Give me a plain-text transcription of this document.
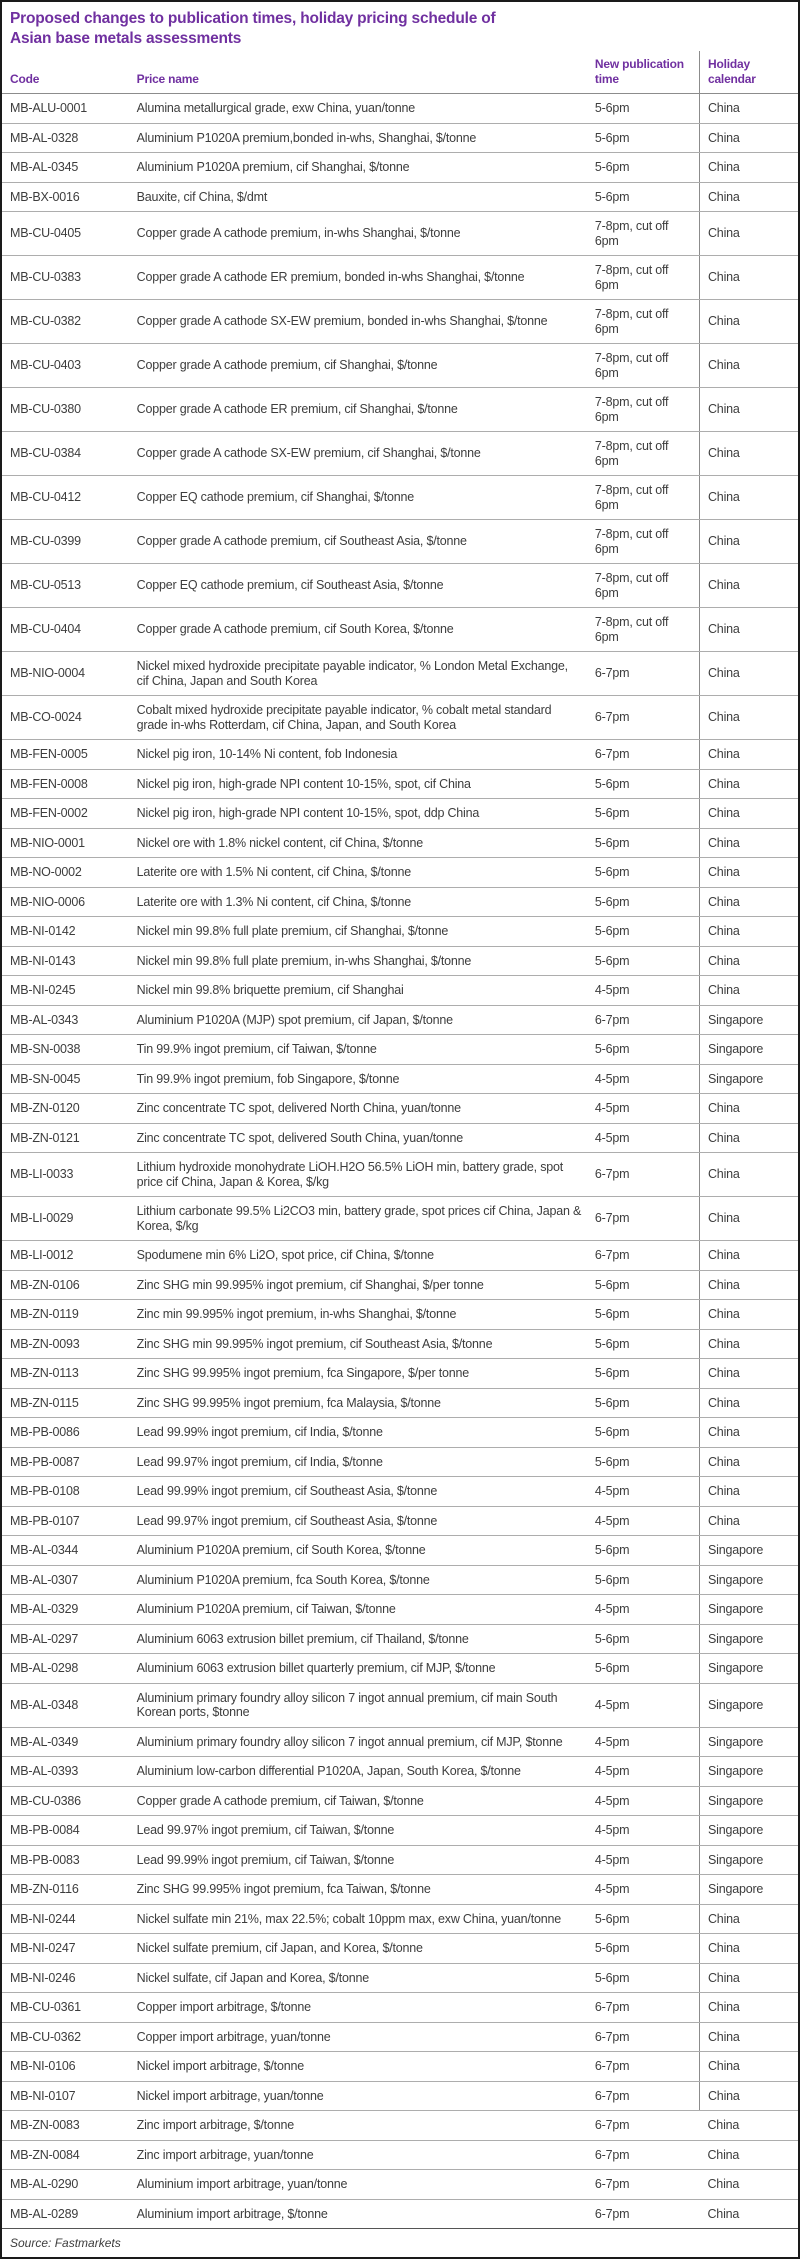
Proposed changes to publication times, holiday pricing schedule of
Asian base metals assessments
Code	Price name	New publication time	Holiday calendar
MB-ALU-0001	Alumina metallurgical grade, exw China, yuan/tonne	5-6pm	China
MB-AL-0328	Aluminium P1020A premium,bonded in-whs, Shanghai, $/tonne	5-6pm	China
MB-AL-0345	Aluminium P1020A premium, cif Shanghai, $/tonne	5-6pm	China
MB-BX-0016	Bauxite, cif China, $/dmt	5-6pm	China
MB-CU-0405	Copper grade A cathode premium, in-whs Shanghai, $/tonne	7-8pm, cut off 6pm	China
MB-CU-0383	Copper grade A cathode ER premium, bonded in-whs Shanghai, $/tonne	7-8pm, cut off 6pm	China
MB-CU-0382	Copper grade A cathode SX-EW premium, bonded in-whs Shanghai, $/tonne	7-8pm, cut off 6pm	China
MB-CU-0403	Copper grade A cathode premium, cif Shanghai, $/tonne	7-8pm, cut off 6pm	China
MB-CU-0380	Copper grade A cathode ER premium, cif Shanghai, $/tonne	7-8pm, cut off 6pm	China
MB-CU-0384	Copper grade A cathode SX-EW premium, cif Shanghai, $/tonne	7-8pm, cut off 6pm	China
MB-CU-0412	Copper EQ cathode premium, cif Shanghai, $/tonne	7-8pm, cut off 6pm	China
MB-CU-0399	Copper grade A cathode premium, cif Southeast Asia, $/tonne	7-8pm, cut off 6pm	China
MB-CU-0513	Copper EQ cathode premium, cif Southeast Asia, $/tonne	7-8pm, cut off 6pm	China
MB-CU-0404	Copper grade A cathode premium, cif South Korea, $/tonne	7-8pm, cut off 6pm	China
MB-NIO-0004	Nickel mixed hydroxide precipitate payable indicator, % London Metal Exchange, cif China, Japan and South Korea	6-7pm	China
MB-CO-0024	Cobalt mixed hydroxide precipitate payable indicator, % cobalt metal standard grade in-whs Rotterdam, cif China, Japan, and South Korea	6-7pm	China
MB-FEN-0005	Nickel pig iron, 10-14% Ni content, fob Indonesia	6-7pm	China
MB-FEN-0008	Nickel pig iron, high-grade NPI content 10-15%, spot, cif China	5-6pm	China
MB-FEN-0002	Nickel pig iron, high-grade NPI content 10-15%, spot, ddp China	5-6pm	China
MB-NIO-0001	Nickel ore with 1.8% nickel content, cif China, $/tonne	5-6pm	China
MB-NO-0002	Laterite ore with 1.5% Ni content, cif China, $/tonne	5-6pm	China
MB-NIO-0006	Laterite ore with 1.3% Ni content, cif China, $/tonne	5-6pm	China
MB-NI-0142	Nickel min 99.8% full plate premium, cif Shanghai, $/tonne	5-6pm	China
MB-NI-0143	Nickel min 99.8% full plate premium, in-whs Shanghai, $/tonne	5-6pm	China
MB-NI-0245	Nickel min 99.8% briquette premium, cif Shanghai	4-5pm	China
MB-AL-0343	Aluminium P1020A (MJP) spot premium, cif Japan, $/tonne	6-7pm	Singapore
MB-SN-0038	Tin 99.9% ingot premium, cif Taiwan, $/tonne	5-6pm	Singapore
MB-SN-0045	Tin 99.9% ingot premium, fob Singapore, $/tonne	4-5pm	Singapore
MB-ZN-0120	Zinc concentrate TC spot, delivered North China, yuan/tonne	4-5pm	China
MB-ZN-0121	Zinc concentrate TC spot, delivered South China, yuan/tonne	4-5pm	China
MB-LI-0033	Lithium hydroxide monohydrate LiOH.H2O 56.5% LiOH min, battery grade, spot price cif China, Japan & Korea, $/kg	6-7pm	China
MB-LI-0029	Lithium carbonate 99.5% Li2CO3 min, battery grade, spot prices cif China, Japan & Korea, $/kg	6-7pm	China
MB-LI-0012	Spodumene min 6% Li2O, spot price, cif China, $/tonne	6-7pm	China
MB-ZN-0106	Zinc SHG min 99.995% ingot premium, cif Shanghai, $/per tonne	5-6pm	China
MB-ZN-0119	Zinc min 99.995% ingot premium, in-whs Shanghai, $/tonne	5-6pm	China
MB-ZN-0093	Zinc SHG min 99.995% ingot premium, cif Southeast Asia, $/tonne	5-6pm	China
MB-ZN-0113	Zinc SHG 99.995% ingot premium, fca Singapore, $/per tonne	5-6pm	China
MB-ZN-0115	Zinc SHG 99.995% ingot premium, fca Malaysia, $/tonne	5-6pm	China
MB-PB-0086	Lead 99.99% ingot premium, cif India, $/tonne	5-6pm	China
MB-PB-0087	Lead 99.97% ingot premium, cif India, $/tonne	5-6pm	China
MB-PB-0108	Lead 99.99% ingot premium, cif Southeast Asia, $/tonne	4-5pm	China
MB-PB-0107	Lead 99.97% ingot premium, cif Southeast Asia, $/tonne	4-5pm	China
MB-AL-0344	Aluminium P1020A premium, cif South Korea, $/tonne	5-6pm	Singapore
MB-AL-0307	Aluminium P1020A premium, fca South Korea, $/tonne	5-6pm	Singapore
MB-AL-0329	Aluminium P1020A premium, cif Taiwan, $/tonne	4-5pm	Singapore
MB-AL-0297	Aluminium 6063 extrusion billet premium, cif Thailand, $/tonne	5-6pm	Singapore
MB-AL-0298	Aluminium 6063 extrusion billet quarterly premium, cif MJP, $/tonne	5-6pm	Singapore
MB-AL-0348	Aluminium primary foundry alloy silicon 7 ingot annual premium, cif main South Korean ports, $tonne	4-5pm	Singapore
MB-AL-0349	Aluminium primary foundry alloy silicon 7 ingot annual premium, cif MJP, $tonne	4-5pm	Singapore
MB-AL-0393	Aluminium low-carbon differential P1020A, Japan, South Korea, $/tonne	4-5pm	Singapore
MB-CU-0386	Copper grade A cathode premium, cif Taiwan, $/tonne	4-5pm	Singapore
MB-PB-0084	Lead 99.97% ingot premium, cif Taiwan, $/tonne	4-5pm	Singapore
MB-PB-0083	Lead 99.99% ingot premium, cif Taiwan, $/tonne	4-5pm	Singapore
MB-ZN-0116	Zinc SHG 99.995% ingot premium, fca Taiwan, $/tonne	4-5pm	Singapore
MB-NI-0244	Nickel sulfate min 21%, max 22.5%; cobalt 10ppm max, exw China, yuan/tonne	5-6pm	China
MB-NI-0247	Nickel sulfate premium, cif Japan, and Korea, $/tonne	5-6pm	China
MB-NI-0246	Nickel sulfate, cif Japan and Korea, $/tonne	5-6pm	China
MB-CU-0361	Copper import arbitrage, $/tonne	6-7pm	China
MB-CU-0362	Copper import arbitrage, yuan/tonne	6-7pm	China
MB-NI-0106	Nickel import arbitrage, $/tonne	6-7pm	China
MB-NI-0107	Nickel import arbitrage, yuan/tonne	6-7pm	China
MB-ZN-0083	Zinc import arbitrage, $/tonne	6-7pm	China
MB-ZN-0084	Zinc import arbitrage, yuan/tonne	6-7pm	China
MB-AL-0290	Aluminium import arbitrage, yuan/tonne	6-7pm	China
MB-AL-0289	Aluminium import arbitrage, $/tonne	6-7pm	China
Source: Fastmarkets
